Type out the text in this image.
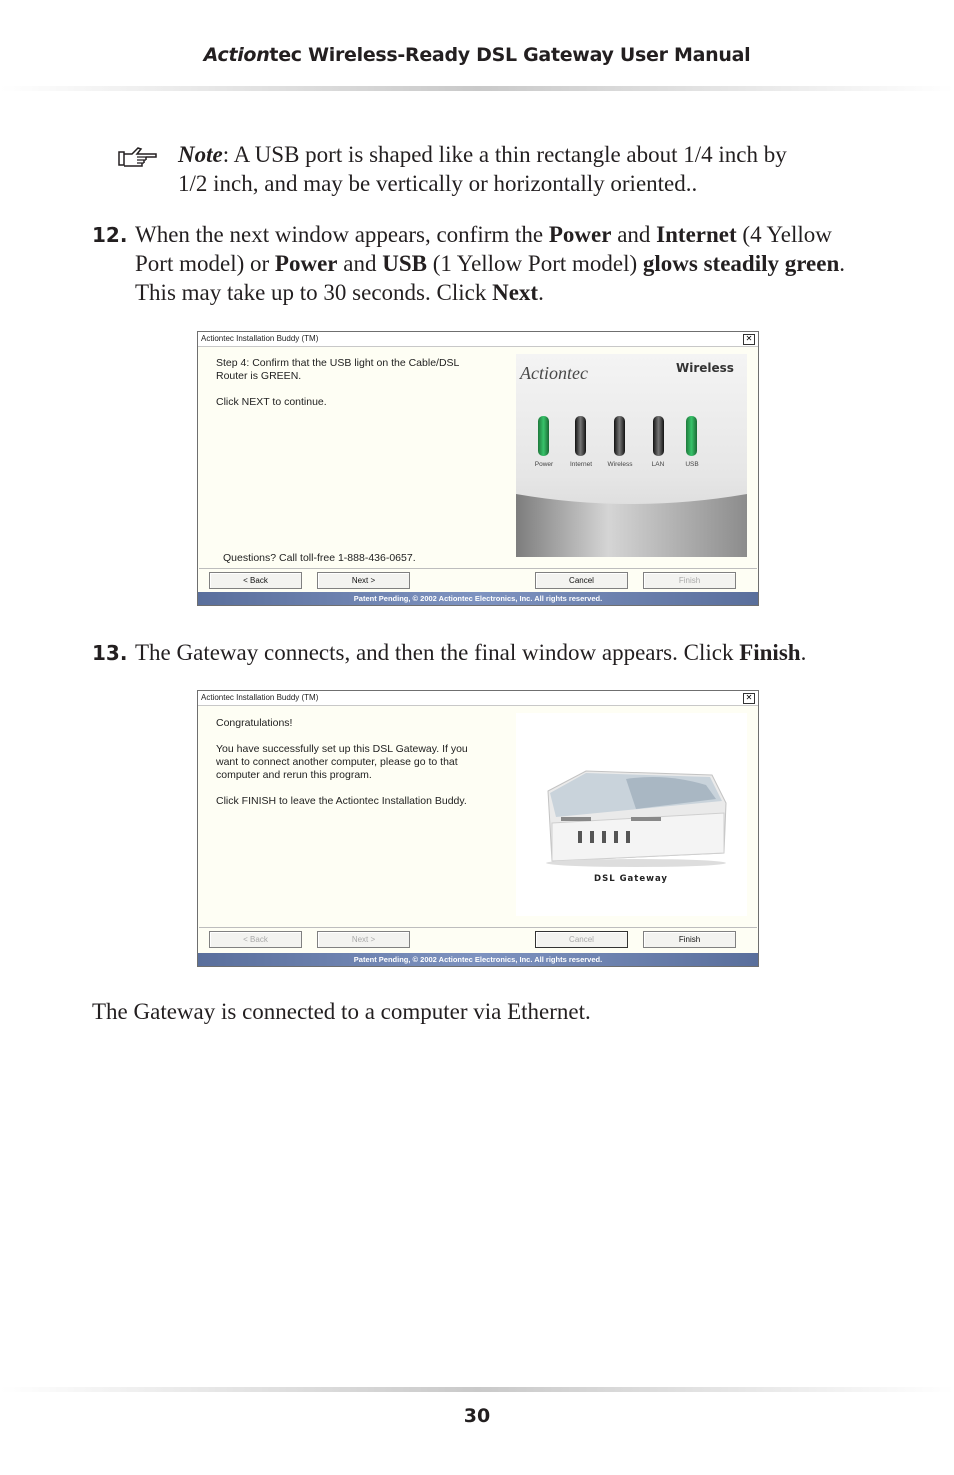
Actiontec Wireless-Ready DSL Gateway User Manual
Note: A USB port is shaped like a thin rectangle about 1/4 inch by 1/2 inch, and may be vertically or horizontally oriented..
12. When the next window appears, confirm the Power and Internet (4 Yellow Port model) or Power and USB (1 Yellow Port model) glows steadily green. This may take up to 30 seconds. Click Next.
Actiontec Installation Buddy (TM)	✕
Step 4: Confirm that the USB light on the Cable/DSL
Router is GREEN.
Click NEXT to continue.
Questions? Call toll-free 1-888-436-0657.
Actiontec	Wireless
Power	Internet Wireless	LAN	USB
< Back	Next >	Cancel	Finish
Patent Pending, © 2002 Actiontec Electronics, Inc. All rights reserved.
13. The Gateway connects, and then the final window appears. Click Finish.
Actiontec Installation Buddy (TM)	✕
Congratulations!
You have successfully set up this DSL Gateway. If you
want to connect another computer, please go to that
computer and rerun this program.
Click FINISH to leave the Actiontec Installation Buddy.
DSL Gateway
< Back	Next >	Cancel	Finish
Patent Pending, © 2002 Actiontec Electronics, Inc. All rights reserved.
The Gateway is connected to a computer via Ethernet.
30
